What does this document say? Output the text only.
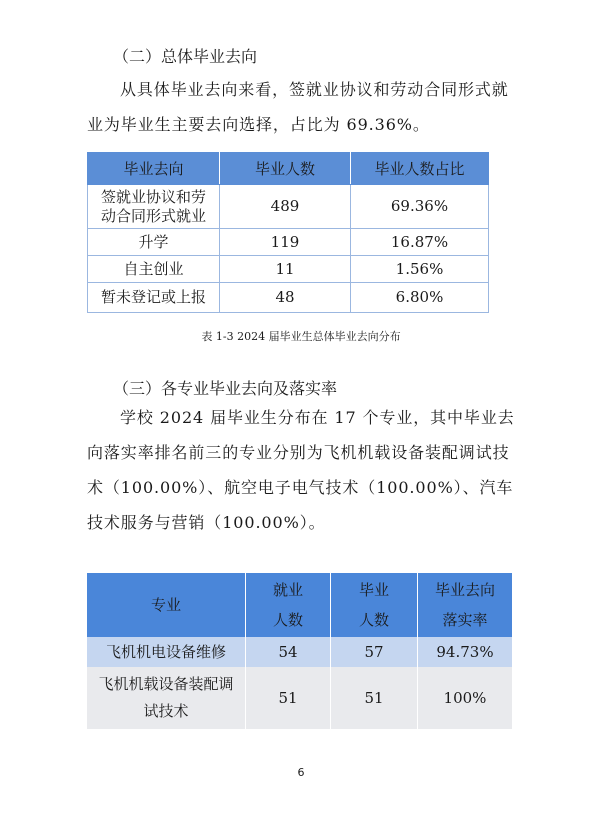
（二）总体毕业去向

从具体毕业去向来看，签就业协议和劳动合同形式就业为毕业生主要去向选择，占比为 69.36%。

毕业去向	毕业人数	毕业人数占比

签就业协议和劳动合同形式就业	489	69.36%
升学	119	16.87%
自主创业	11	1.56%
暂未登记或上报	48	6.80%
表 1-3 2024 届毕业生总体毕业去向分布
（三）各专业毕业去向及落实率

学校 2024 届毕业生分布在 17 个专业，其中毕业去向落实率排名前三的专业分别为飞机机载设备装配调试技术（100.00%）、航空电子电气技术（100.00%）、汽车技术服务与营销（100.00%）。

专业	就业人数	毕业人数	毕业去向落实率

飞机机电设备维修	54	57	94.73%

飞机机载设备装配调试技术	51	51	100%
6
